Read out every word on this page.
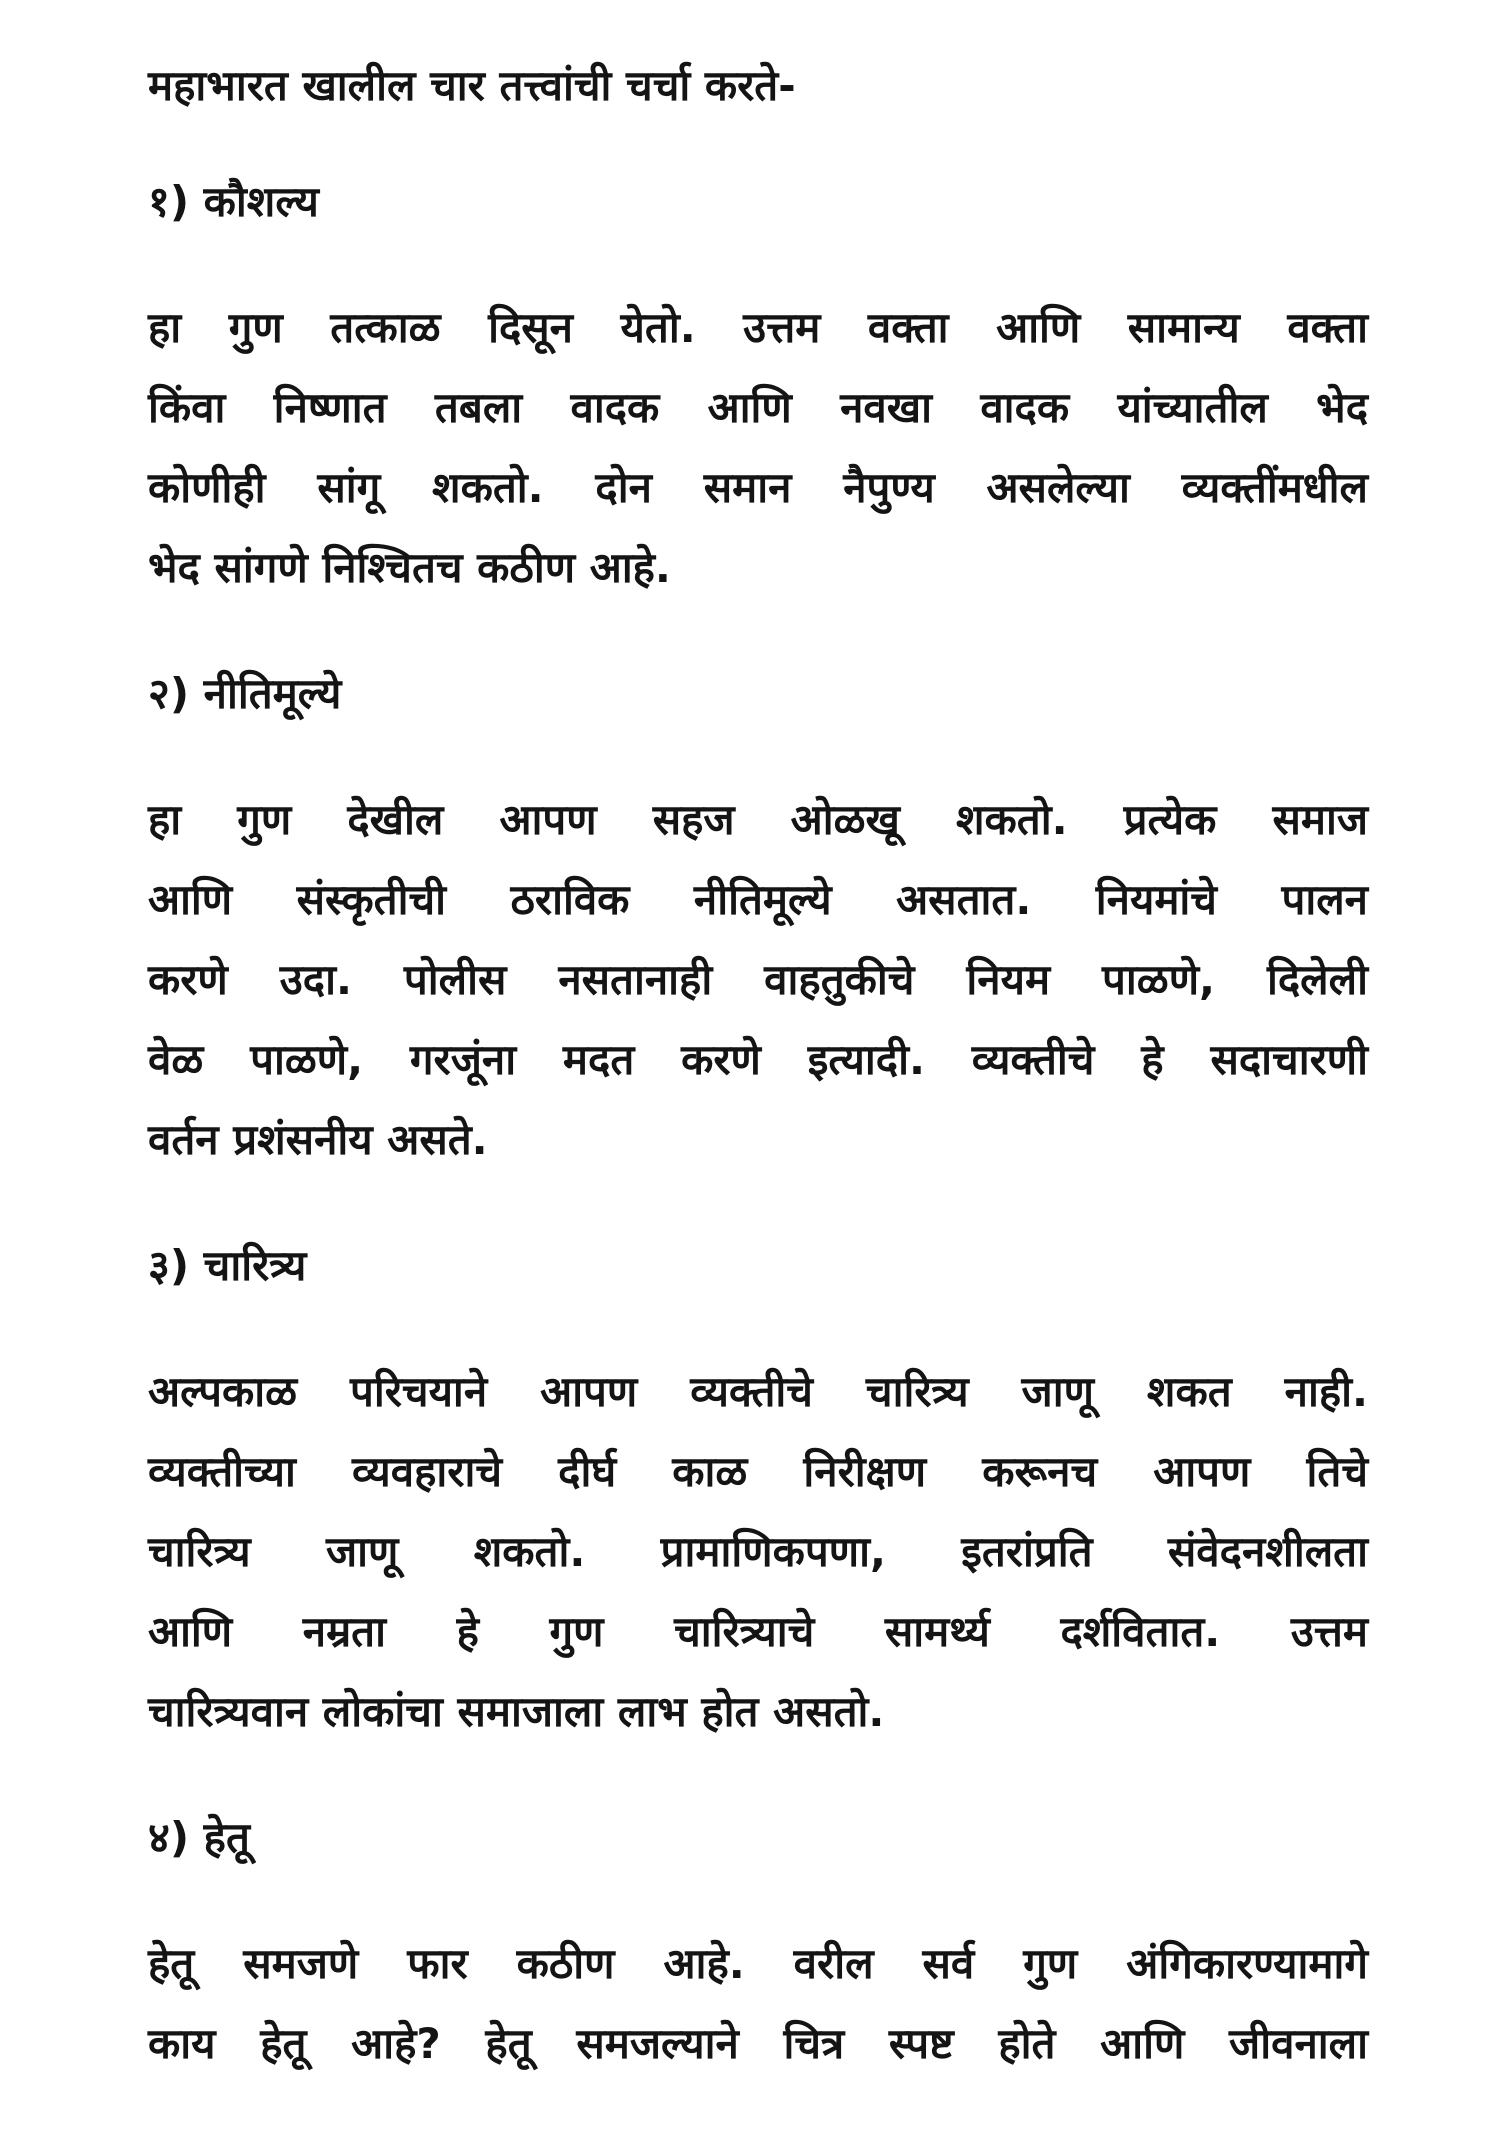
महाभारत खालील चार तत्त्वांची चर्चा करते-
१) कौशल्य
हा गुण तत्काळ दिसून येतो. उत्तम वक्ता आणि सामान्य वक्ता
किंवा निष्णात तबला वादक आणि नवखा वादक यांच्यातील भेद
कोणीही सांगू शकतो. दोन समान नैपुण्य असलेल्या व्यक्तींमधील
भेद सांगणे निश्चितच कठीण आहे.
२) नीतिमूल्ये
हा गुण देखील आपण सहज ओळखू शकतो. प्रत्येक समाज
आणि संस्कृतीची ठराविक नीतिमूल्ये असतात. नियमांचे पालन
करणे उदा. पोलीस नसतानाही वाहतुकीचे नियम पाळणे, दिलेली
वेळ पाळणे, गरजूंना मदत करणे इत्यादी. व्यक्तीचे हे सदाचारणी
वर्तन प्रशंसनीय असते.
३) चारित्र्य
अल्पकाळ परिचयाने आपण व्यक्तीचे चारित्र्य जाणू शकत नाही.
व्यक्तीच्या व्यवहाराचे दीर्घ काळ निरीक्षण करूनच आपण तिचे
चारित्र्य जाणू शकतो. प्रामाणिकपणा, इतरांप्रति संवेदनशीलता
आणि नम्रता हे गुण चारित्र्याचे सामर्थ्य दर्शवितात. उत्तम
चारित्र्यवान लोकांचा समाजाला लाभ होत असतो.
४) हेतू
हेतू समजणे फार कठीण आहे. वरील सर्व गुण अंगिकारण्यामागे
काय हेतू आहे? हेतू समजल्याने चित्र स्पष्ट होते आणि जीवनाला
